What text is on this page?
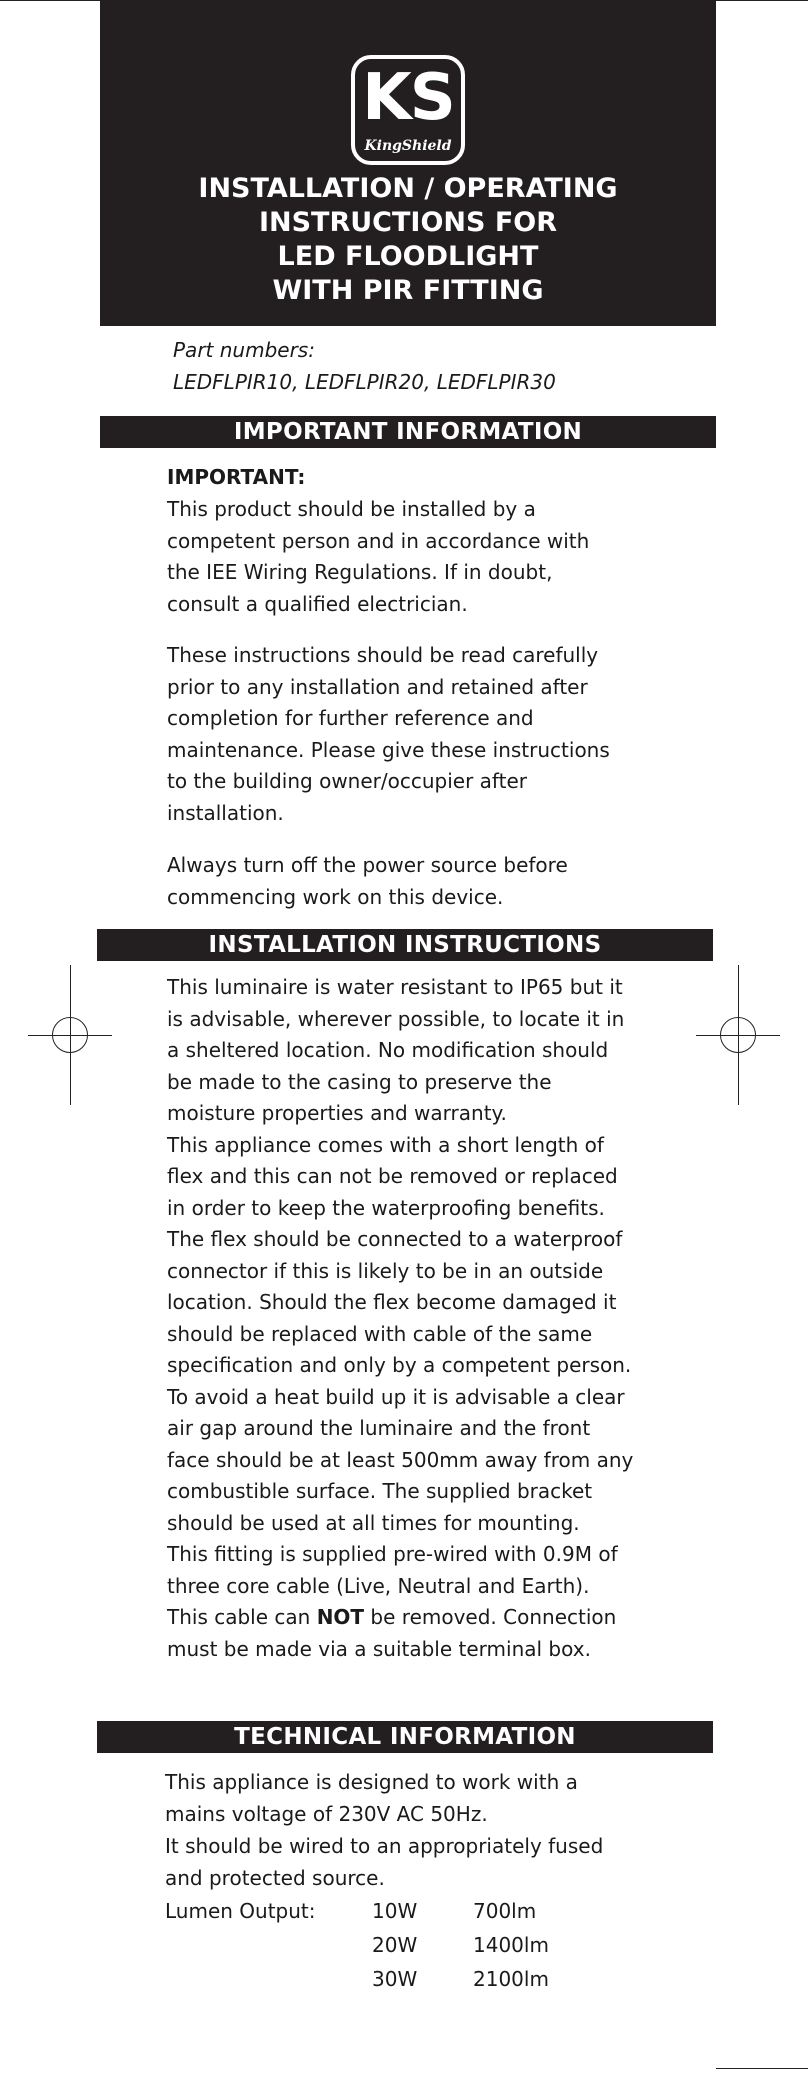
KS
KingShield
INSTALLATION / OPERATING
INSTRUCTIONS FOR
LED FLOODLIGHT
WITH PIR FITTING
Part numbers:
LEDFLPIR10, LEDFLPIR20, LEDFLPIR30
IMPORTANT INFORMATION
IMPORTANT:
This product should be installed by a
competent person and in accordance with
the IEE Wiring Regulations. If in doubt,
consult a qualified electrician.
These instructions should be read carefully
prior to any installation and retained after
completion for further reference and
maintenance. Please give these instructions
to the building owner/occupier after
installation.
Always turn off the power source before
commencing work on this device.
INSTALLATION INSTRUCTIONS
This luminaire is water resistant to IP65 but it
is advisable, wherever possible, to locate it in
a sheltered location. No modification should
be made to the casing to preserve the
moisture properties and warranty.
This appliance comes with a short length of
flex and this can not be removed or replaced
in order to keep the waterproofing benefits.
The flex should be connected to a waterproof
connector if this is likely to be in an outside
location. Should the flex become damaged it
should be replaced with cable of the same
specification and only by a competent person.
To avoid a heat build up it is advisable a clear
air gap around the luminaire and the front
face should be at least 500mm away from any
combustible surface. The supplied bracket
should be used at all times for mounting.
This fitting is supplied pre-wired with 0.9M of
three core cable (Live, Neutral and Earth).
This cable can NOT be removed. Connection
must be made via a suitable terminal box.
TECHNICAL INFORMATION
This appliance is designed to work with a
mains voltage of 230V AC 50Hz.
It should be wired to an appropriately fused
and protected source.
Lumen Output:	10W	700lm
20W	1400lm
30W	2100lm
